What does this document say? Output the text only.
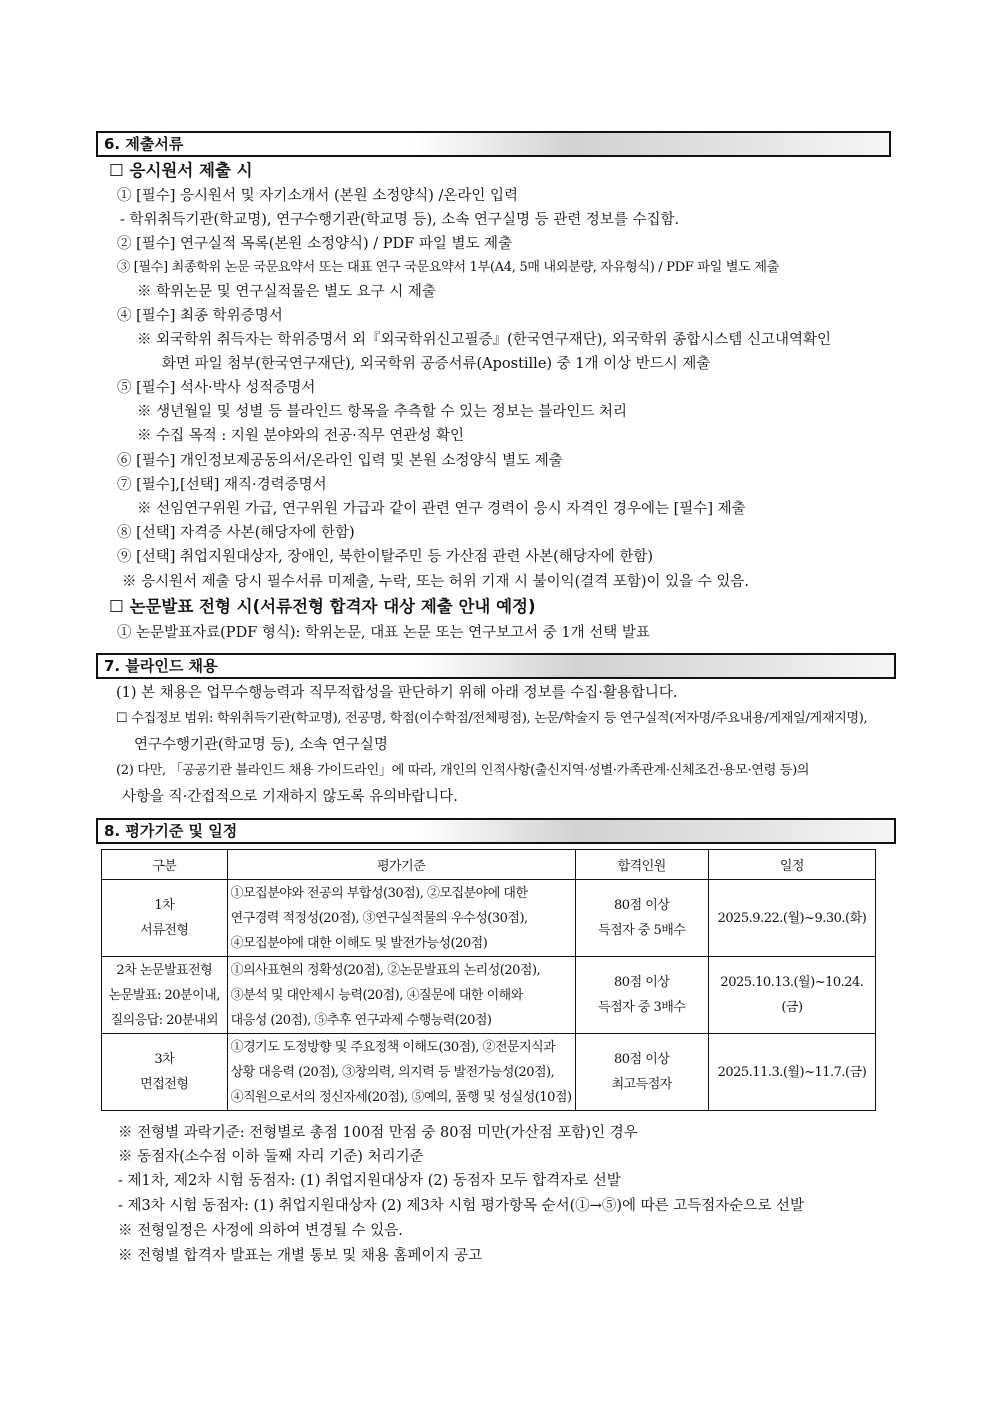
6. 제출서류
☐ 응시원서 제출 시
① [필수] 응시원서 및 자기소개서 (본원 소정양식) /온라인 입력
- 학위취득기관(학교명), 연구수행기관(학교명 등), 소속 연구실명 등 관련 정보를 수집함.
② [필수] 연구실적 목록(본원 소정양식) / PDF 파일 별도 제출
③ [필수] 최종학위 논문 국문요약서 또는 대표 연구 국문요약서 1부(A4, 5매 내외분량, 자유형식) / PDF 파일 별도 제출
※ 학위논문 및 연구실적물은 별도 요구 시 제출
④ [필수] 최종 학위증명서
※ 외국학위 취득자는 학위증명서 외『외국학위신고필증』(한국연구재단), 외국학위 종합시스템 신고내역확인
화면 파일 첨부(한국연구재단), 외국학위 공증서류(Apostille) 중 1개 이상 반드시 제출
⑤ [필수] 석사·박사 성적증명서
※ 생년월일 및 성별 등 블라인드 항목을 추측할 수 있는 정보는 블라인드 처리
※ 수집 목적 : 지원 분야와의 전공·직무 연관성 확인
⑥ [필수] 개인정보제공동의서/온라인 입력 및 본원 소정양식 별도 제출
⑦ [필수],[선택] 재직·경력증명서
※ 선임연구위원 가급, 연구위원 가급과 같이 관련 연구 경력이 응시 자격인 경우에는 [필수] 제출
⑧ [선택] 자격증 사본(해당자에 한함)
⑨ [선택] 취업지원대상자, 장애인, 북한이탈주민 등 가산점 관련 사본(해당자에 한함)
※ 응시원서 제출 당시 필수서류 미제출, 누락, 또는 허위 기재 시 불이익(결격 포함)이 있을 수 있음.
☐ 논문발표 전형 시(서류전형 합격자 대상 제출 안내 예정)
① 논문발표자료(PDF 형식): 학위논문, 대표 논문 또는 연구보고서 중 1개 선택 발표
7. 블라인드 채용
(1) 본 채용은 업무수행능력과 직무적합성을 판단하기 위해 아래 정보를 수집·활용합니다.
☐ 수집정보 범위: 학위취득기관(학교명), 전공명, 학점(이수학점/전체평점), 논문/학술지 등 연구실적(저자명/주요내용/게재일/게재지명),
연구수행기관(학교명 등), 소속 연구실명
(2) 다만, 「공공기관 블라인드 채용 가이드라인」에 따라, 개인의 인적사항(출신지역·성별·가족관계·신체조건·용모·연령 등)의
사항을 직·간접적으로 기재하지 않도록 유의바랍니다.
8. 평가기준 및 일정
구분	평가기준	합격인원	일정

1차
서류전형	①모집분야와 전공의 부합성(30점), ②모집분야에 대한
연구경력 적정성(20점), ③연구실적물의 우수성(30점),
④모집분야에 대한 이해도 및 발전가능성(20점)	80점 이상
득점자 중 5배수	2025.9.22.(월)~9.30.(화)

2차 논문발표전형
논문발표: 20분이내,
질의응답: 20분내외	①의사표현의 정확성(20점), ②논문발표의 논리성(20점),
③분석 및 대안제시 능력(20점), ④질문에 대한 이해와
대응성 (20점), ⑤추후 연구과제 수행능력(20점)	80점 이상
득점자 중 3배수	2025.10.13.(월)~10.24.(금)

3차
면접전형	①경기도 도정방향 및 주요정책 이해도(30점), ②전문지식과
상황 대응력 (20점), ③창의력, 의지력 등 발전가능성(20점),
④직원으로서의 정신자세(20점), ⑤예의, 품행 및 성실성(10점)	80점 이상
최고득점자	2025.11.3.(월)~11.7.(금)
※ 전형별 과락기준: 전형별로 총점 100점 만점 중 80점 미만(가산점 포함)인 경우
※ 동점자(소수점 이하 둘째 자리 기준) 처리기준
- 제1차, 제2차 시험 동점자: (1) 취업지원대상자 (2) 동점자 모두 합격자로 선발
- 제3차 시험 동점자: (1) 취업지원대상자 (2) 제3차 시험 평가항목 순서(①→⑤)에 따른 고득점자순으로 선발
※ 전형일정은 사정에 의하여 변경될 수 있음.
※ 전형별 합격자 발표는 개별 통보 및 채용 홈페이지 공고
